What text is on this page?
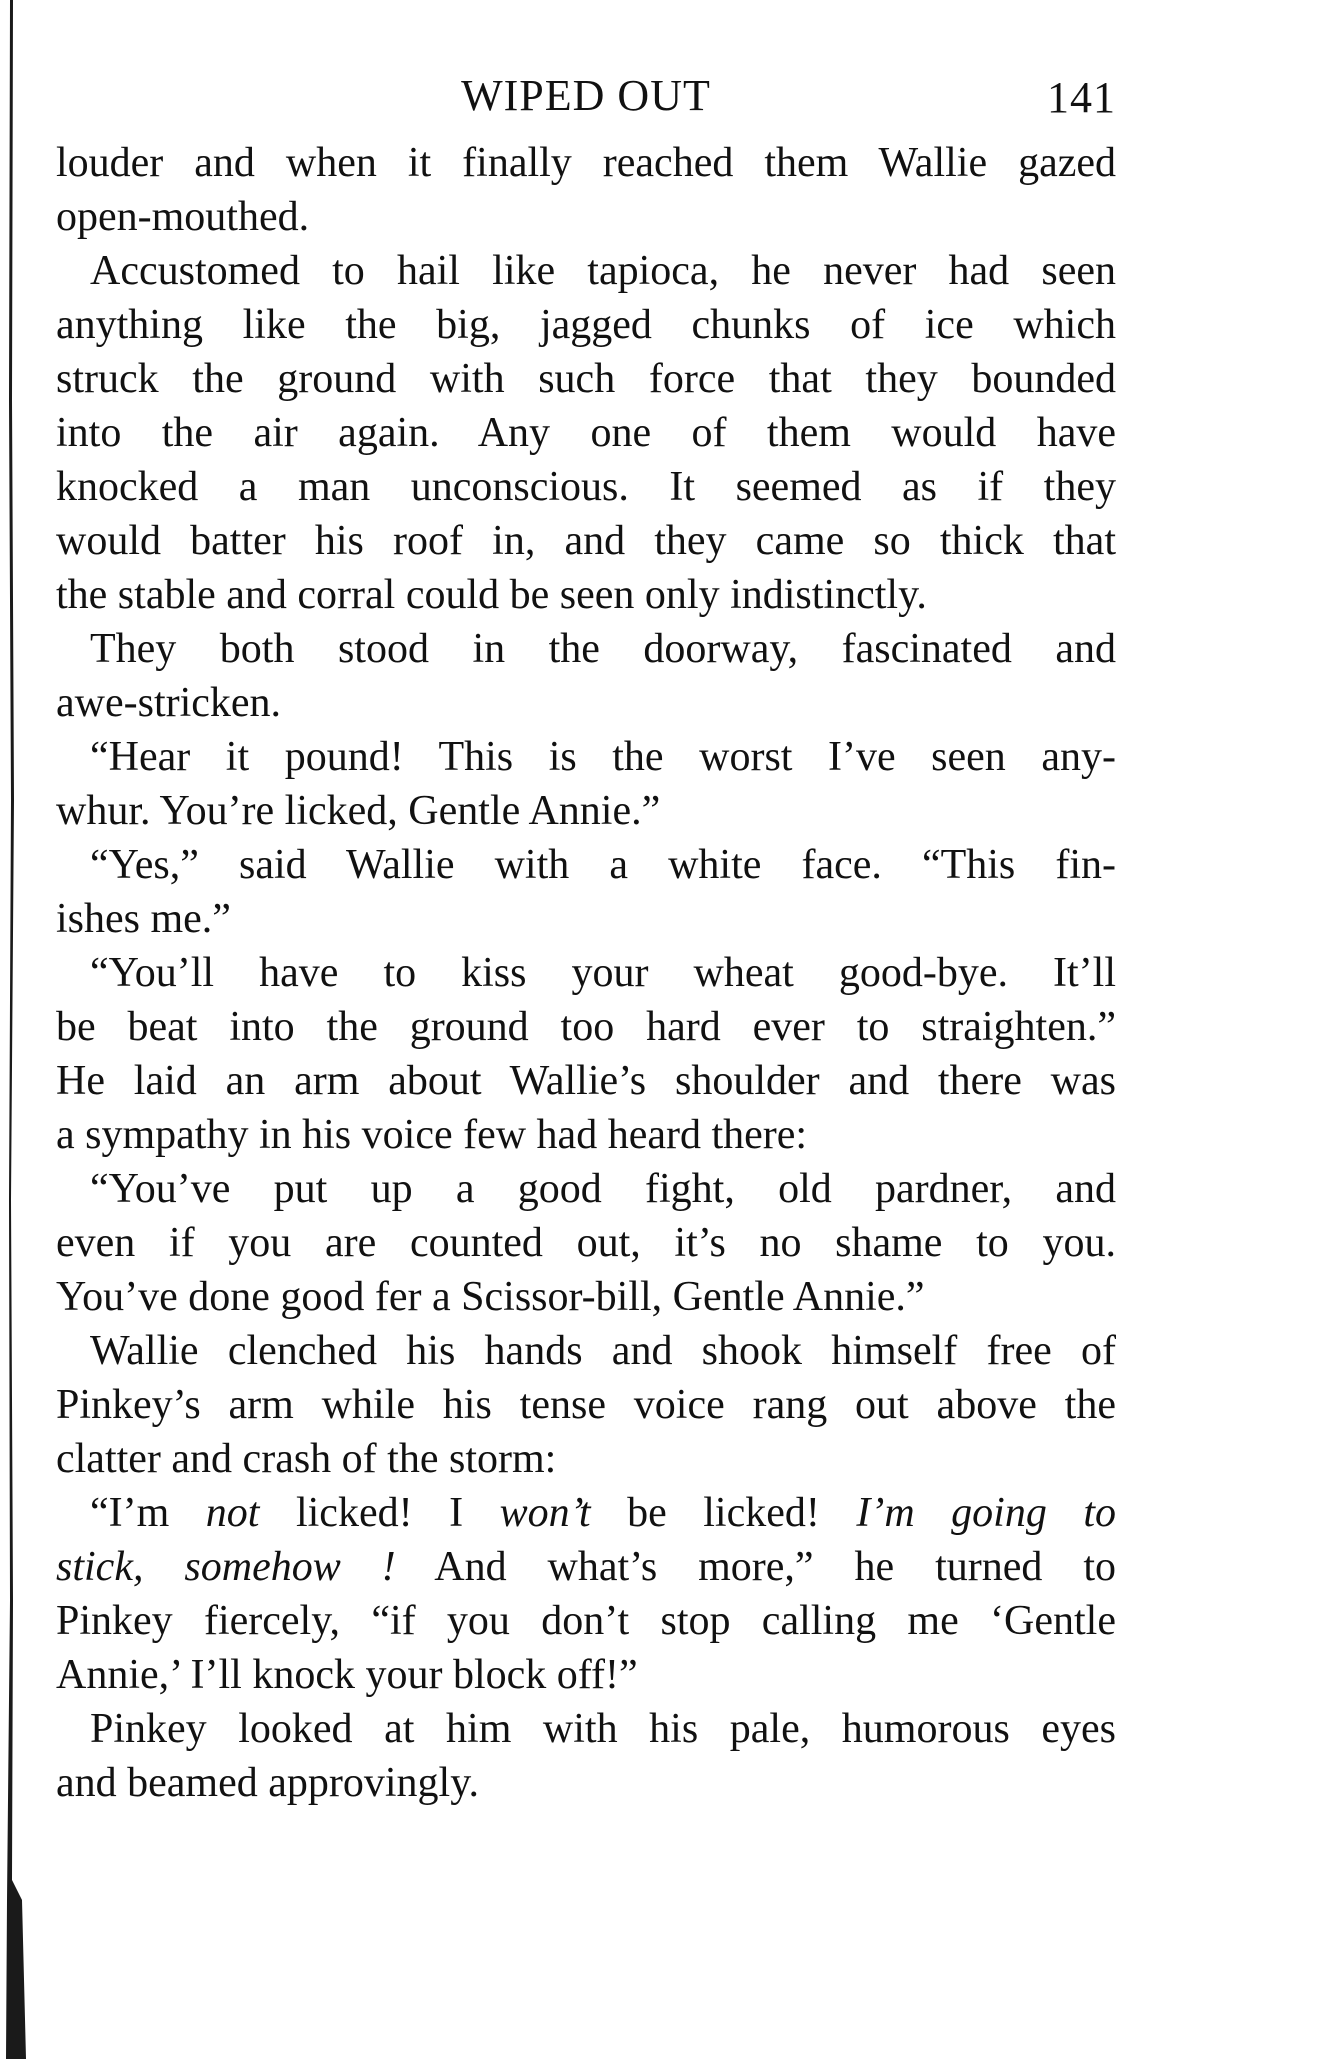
WIPED OUT	141
louder and when it finally reached them Wallie gazed
open-mouthed.
Accustomed to hail like tapioca, he never had seen
anything like the big, jagged chunks of ice which
struck the ground with such force that they bounded
into the air again. Any one of them would have
knocked a man unconscious. It seemed as if they
would batter his roof in, and they came so thick that
the stable and corral could be seen only indistinctly.
They both stood in the doorway, fascinated and
awe-stricken.
“Hear it pound! This is the worst I’ve seen any-
whur. You’re licked, Gentle Annie.”
“Yes,” said Wallie with a white face. “This fin-
ishes me.”
“You’ll have to kiss your wheat good-bye. It’ll
be beat into the ground too hard ever to straighten.”
He laid an arm about Wallie’s shoulder and there was
a sympathy in his voice few had heard there:
“You’ve put up a good fight, old pardner, and
even if you are counted out, it’s no shame to you.
You’ve done good fer a Scissor-bill, Gentle Annie.”
Wallie clenched his hands and shook himself free of
Pinkey’s arm while his tense voice rang out above the
clatter and crash of the storm:
“I’m not licked! I won’t be licked! I’m going to
stick, somehow ! And what’s more,” he turned to
Pinkey fiercely, “if you don’t stop calling me ‘Gentle
Annie,’ I’ll knock your block off!”
Pinkey looked at him with his pale, humorous eyes
and beamed approvingly.
